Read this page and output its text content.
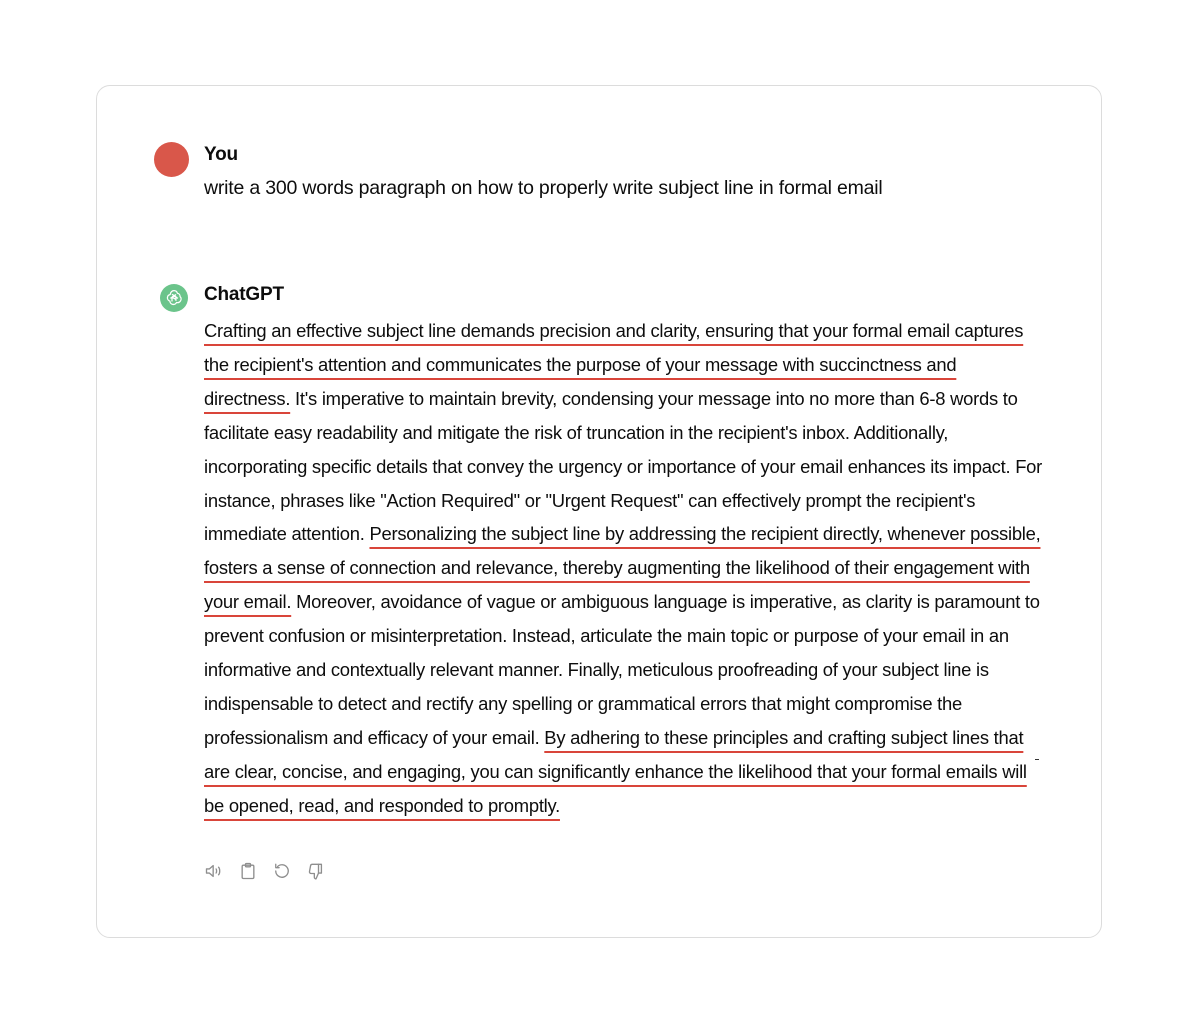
You
write a 300 words paragraph on how to properly write subject line in formal email
ChatGPT
Crafting an effective subject line demands precision and clarity, ensuring that your formal email captures the recipient's attention and communicates the purpose of your message with succinctness and directness. It's imperative to maintain brevity, condensing your message into no more than 6-8 words to facilitate easy readability and mitigate the risk of truncation in the recipient's inbox. Additionally, incorporating specific details that convey the urgency or importance of your email enhances its impact. For instance, phrases like "Action Required" or "Urgent Request" can effectively prompt the recipient's immediate attention. Personalizing the subject line by addressing the recipient directly, whenever possible, fosters a sense of connection and relevance, thereby augmenting the likelihood of their engagement with your email. Moreover, avoidance of vague or ambiguous language is imperative, as clarity is paramount to prevent confusion or misinterpretation. Instead, articulate the main topic or purpose of your email in an informative and contextually relevant manner. Finally, meticulous proofreading of your subject line is indispensable to detect and rectify any spelling or grammatical errors that might compromise the professionalism and efficacy of your email. By adhering to these principles and crafting subject lines that are clear, concise, and engaging, you can significantly enhance the likelihood that your formal emails will be opened, read, and responded to promptly.
